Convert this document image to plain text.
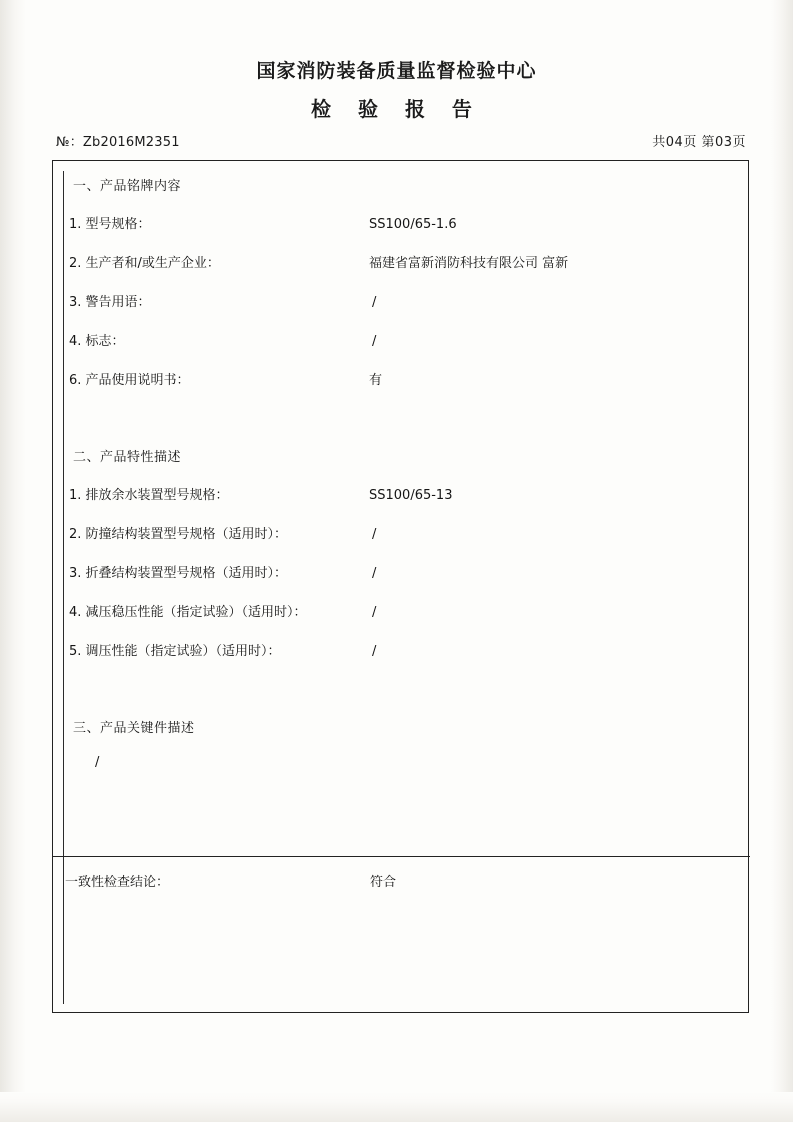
国家消防装备质量监督检验中心
检 验 报 告
№：Zb2016M2351	共04页 第03页
一、产品铭牌内容
1. 型号规格：	SS100/65-1.6
2. 生产者和/或生产企业：	福建省富新消防科技有限公司 富新
3. 警告用语：	/
4. 标志：	/
6. 产品使用说明书：	有
二、产品特性描述
1. 排放余水装置型号规格：	SS100/65-13
2. 防撞结构装置型号规格（适用时）：	/
3. 折叠结构装置型号规格（适用时）：	/
4. 减压稳压性能（指定试验）（适用时）：	/
5. 调压性能（指定试验）（适用时）：	/
三、产品关键件描述
/
一致性检查结论：	符合
